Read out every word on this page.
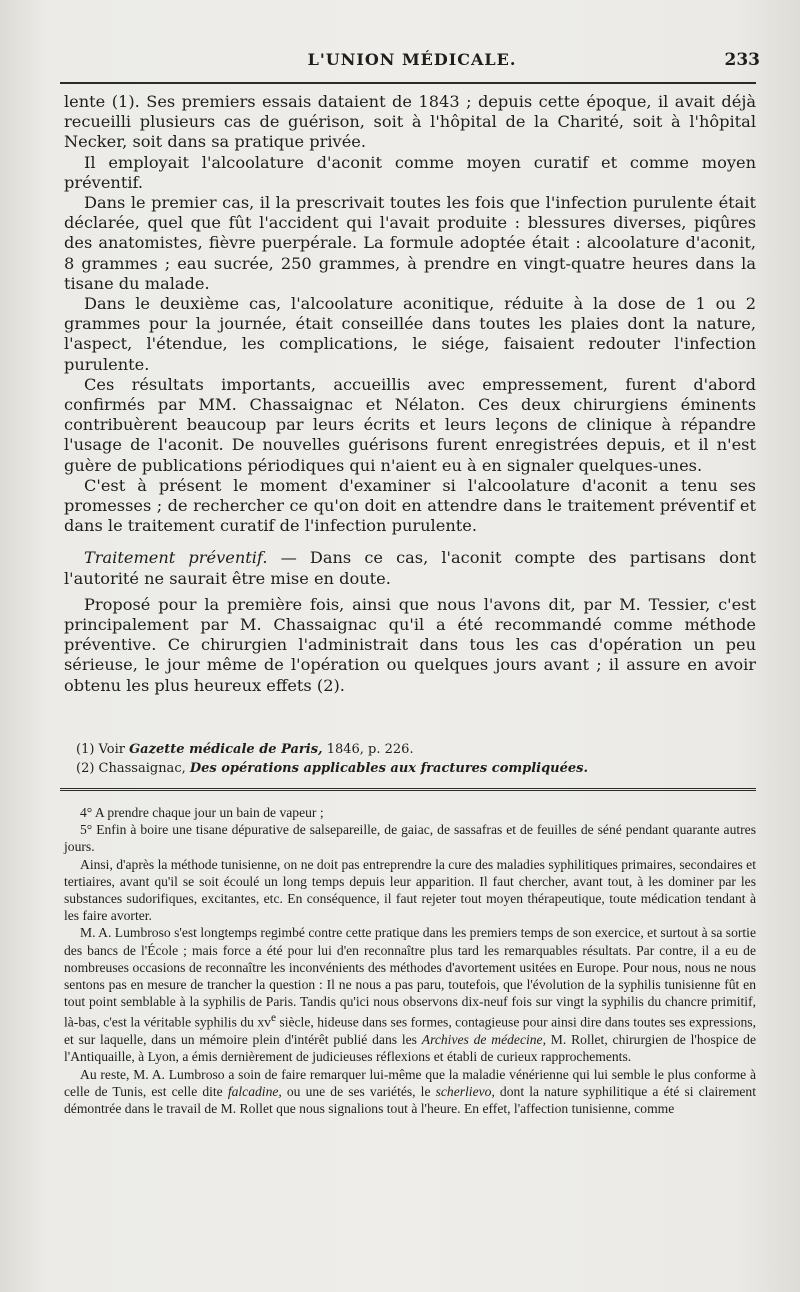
L'UNION MÉDICALE.	233

lente (1). Ses premiers essais dataient de 1843 ; depuis cette époque, il avait déjà recueilli plusieurs cas de guérison, soit à l'hôpital de la Charité, soit à l'hôpital Necker, soit dans sa pratique privée.

Il employait l'alcoolature d'aconit comme moyen curatif et comme moyen préventif.

Dans le premier cas, il la prescrivait toutes les fois que l'infection purulente était déclarée, quel que fût l'accident qui l'avait produite : blessures diverses, piqûres des anatomistes, fièvre puerpérale. La formule adoptée était : alcoolature d'aconit, 8 grammes ; eau sucrée, 250 grammes, à prendre en vingt-quatre heures dans la tisane du malade.

Dans le deuxième cas, l'alcoolature aconitique, réduite à la dose de 1 ou 2 grammes pour la journée, était conseillée dans toutes les plaies dont la nature, l'aspect, l'étendue, les complications, le siége, faisaient redouter l'infection purulente.

Ces résultats importants, accueillis avec empressement, furent d'abord confirmés par MM. Chassaignac et Nélaton. Ces deux chirurgiens éminents contribuèrent beaucoup par leurs écrits et leurs leçons de clinique à répandre l'usage de l'aconit. De nouvelles guérisons furent enregistrées depuis, et il n'est guère de publications périodiques qui n'aient eu à en signaler quelques-unes.

C'est à présent le moment d'examiner si l'alcoolature d'aconit a tenu ses promesses ; de rechercher ce qu'on doit en attendre dans le traitement préventif et dans le traitement curatif de l'infection purulente.

Traitement préventif. — Dans ce cas, l'aconit compte des partisans dont l'autorité ne saurait être mise en doute.

Proposé pour la première fois, ainsi que nous l'avons dit, par M. Tessier, c'est principalement par M. Chassaignac qu'il a été recommandé comme méthode préventive. Ce chirurgien l'administrait dans tous les cas d'opération un peu sérieuse, le jour même de l'opération ou quelques jours avant ; il assure en avoir obtenu les plus heureux effets (2).

(1) Voir Gazette médicale de Paris, 1846, p. 226.
(2) Chassaignac, Des opérations applicables aux fractures compliquées.

4° A prendre chaque jour un bain de vapeur ;

5° Enfin à boire une tisane dépurative de salsepareille, de gaiac, de sassafras et de feuilles de séné pendant quarante autres jours.

Ainsi, d'après la méthode tunisienne, on ne doit pas entreprendre la cure des maladies syphilitiques primaires, secondaires et tertiaires, avant qu'il se soit écoulé un long temps depuis leur apparition. Il faut chercher, avant tout, à les dominer par les substances sudorifiques, excitantes, etc. En conséquence, il faut rejeter tout moyen thérapeutique, toute médication tendant à les faire avorter.

M. A. Lumbroso s'est longtemps regimbé contre cette pratique dans les premiers temps de son exercice, et surtout à sa sortie des bancs de l'École ; mais force a été pour lui d'en reconnaître plus tard les remarquables résultats. Par contre, il a eu de nombreuses occasions de reconnaître les inconvénients des méthodes d'avortement usitées en Europe. Pour nous, nous ne nous sentons pas en mesure de trancher la question : Il ne nous a pas paru, toutefois, que l'évolution de la syphilis tunisienne fût en tout point semblable à la syphilis de Paris. Tandis qu'ici nous observons dix-neuf fois sur vingt la syphilis du chancre primitif, là-bas, c'est la véritable syphilis du $xv^e$ siècle, hideuse dans ses formes, contagieuse pour ainsi dire dans toutes ses expressions, et sur laquelle, dans un mémoire plein d'intérêt publié dans les Archives de médecine, M. Rollet, chirurgien de l'hospice de l'Antiquaille, à Lyon, a émis dernièrement de judicieuses réflexions et établi de curieux rapprochements.

Au reste, M. A. Lumbroso a soin de faire remarquer lui-même que la maladie vénérienne qui lui semble le plus conforme à celle de Tunis, est celle dite falcadine, ou une de ses variétés, le scherlievo, dont la nature syphilitique a été si clairement démontrée dans le travail de M. Rollet que nous signalions tout à l'heure. En effet, l'affection tunisienne, comme
